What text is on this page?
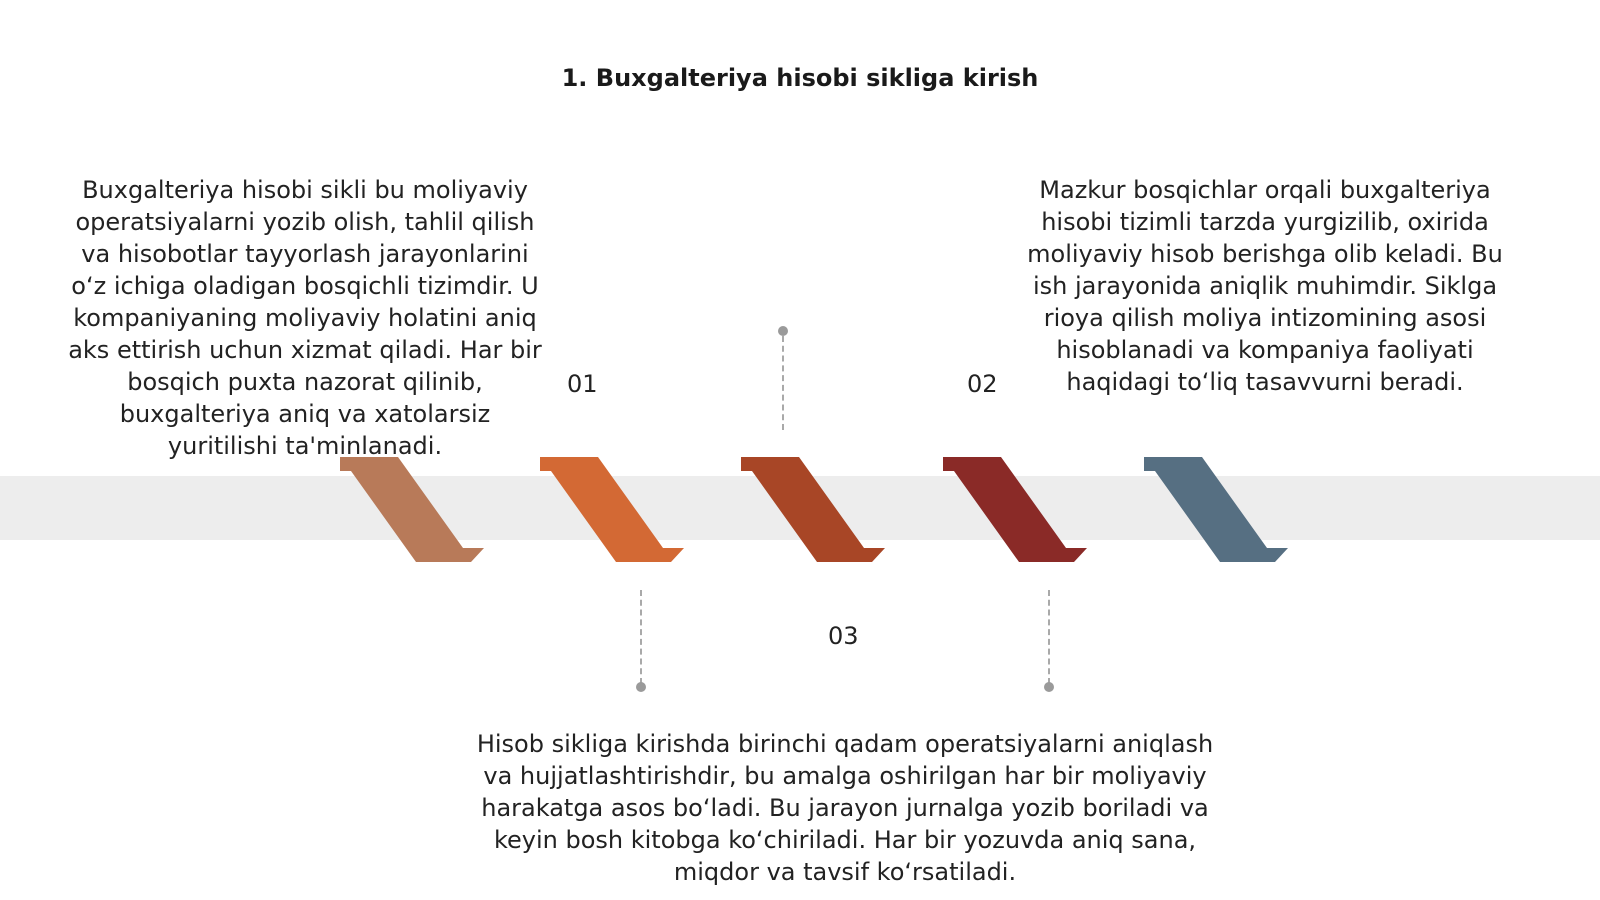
1. Buxgalteriya hisobi sikliga kirish
01	02
03
Buxgalteriya hisobi sikli bu moliyaviy operatsiyalarni yozib olish, tahlil qilish va hisobotlar tayyorlash jarayonlarini o‘z ichiga oladigan bosqichli tizimdir. U kompaniyaning moliyaviy holatini aniq aks ettirish uchun xizmat qiladi. Har bir bosqich puxta nazorat qilinib, buxgalteriya aniq va xatolarsiz yuritilishi ta'minlanadi.
Mazkur bosqichlar orqali buxgalteriya hisobi tizimli tarzda yurgizilib, oxirida moliyaviy hisob berishga olib keladi. Bu ish jarayonida aniqlik muhimdir. Siklga rioya qilish moliya intizomining asosi hisoblanadi va kompaniya faoliyati haqidagi to‘liq tasavvurni beradi.
Hisob sikliga kirishda birinchi qadam operatsiyalarni aniqlash va hujjatlashtirishdir, bu amalga oshirilgan har bir moliyaviy harakatga asos bo‘ladi. Bu jarayon jurnalga yozib boriladi va keyin bosh kitobga ko‘chiriladi. Har bir yozuvda aniq sana, miqdor va tavsif ko‘rsatiladi.
